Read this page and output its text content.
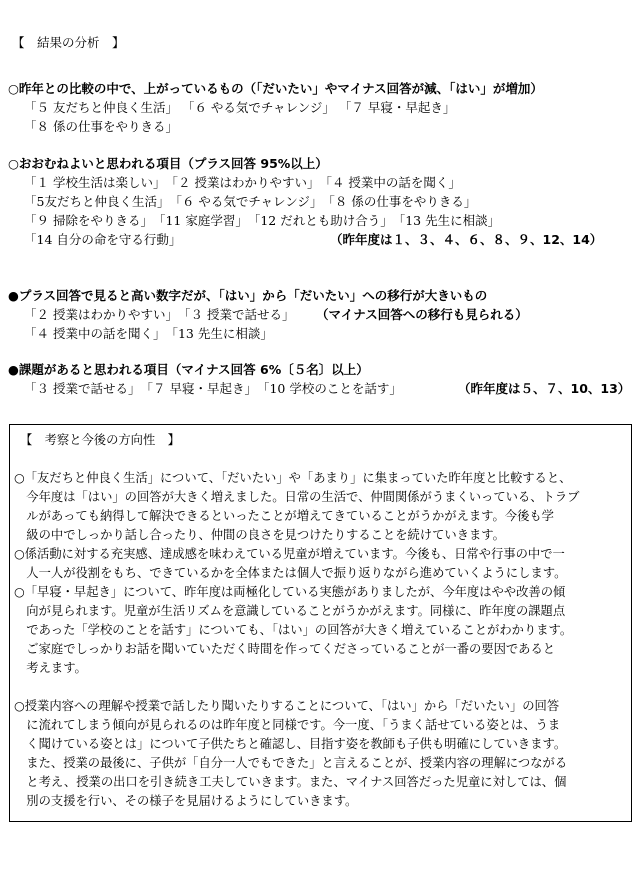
【　結果の分析　】
○昨年との比較の中で、上がっているもの（「だいたい」やマイナス回答が減、「はい」が増加）
「５ 友だちと仲良く生活」 「６ やる気でチャレンジ」 「７ 早寝・早起き」
「８ 係の仕事をやりきる」
○おおむねよいと思われる項目（プラス回答 95%以上）
「１ 学校生活は楽しい」　「２ 授業はわかりやすい」　「４ 授業中の話を聞く」
「5友だちと仲良く生活」　「６ やる気でチャレンジ」　「８ 係の仕事をやりきる」
「９ 掃除をやりきる」　「11 家庭学習」　「12 だれとも助け合う」　「13 先生に相談」
「14 自分の命を守る行動」	（昨年度は１、３、４、６、８、９、12、14）
●プラス回答で見ると高い数字だが、「はい」から「だいたい」への移行が大きいもの
「２ 授業はわかりやすい」　「３ 授業で話せる」 （マイナス回答への移行も見られる）
「４ 授業中の話を聞く」　「13 先生に相談」
●課題があると思われる項目（マイナス回答 6%〔５名〕以上）
「３ 授業で話せる」　「７ 早寝・早起き」　「10 学校のことを話す」	（昨年度は５、７、10、13）
【　考察と今後の方向性　】
○「友だちと仲良く生活」について、「だいたい」や「あまり」に集まっていた昨年度と比較すると、
　今年度は「はい」の回答が大きく増えました。日常の生活で、仲間関係がうまくいっている、トラブ
　ルがあっても納得して解決できるといったことが増えてきていることがうかがえます。今後も学
　級の中でしっかり話し合ったり、仲間の良さを見つけたりすることを続けていきます。
○係活動に対する充実感、達成感を味わえている児童が増えています。今後も、日常や行事の中で一
　人一人が役割をもち、できているかを全体または個人で振り返りながら進めていくようにします。
○「早寝・早起き」について、昨年度は両極化している実態がありましたが、今年度はやや改善の傾
　向が見られます。児童が生活リズムを意識していることがうかがえます。同様に、昨年度の課題点
　であった「学校のことを話す」についても、「はい」の回答が大きく増えていることがわかります。
　ご家庭でしっかりお話を聞いていただく時間を作ってくださっていることが一番の要因であると
　考えます。
○授業内容への理解や授業で話したり聞いたりすることについて、「はい」から「だいたい」の回答
　に流れてしまう傾向が見られるのは昨年度と同様です。今一度、「うまく話せている姿とは、うま
　く聞けている姿とは」について子供たちと確認し、目指す姿を教師も子供も明確にしていきます。
　また、授業の最後に、子供が「自分一人でもできた」と言えることが、授業内容の理解につながる
　と考え、授業の出口を引き続き工夫していきます。また、マイナス回答だった児童に対しては、個
　別の支援を行い、その様子を見届けるようにしていきます。
